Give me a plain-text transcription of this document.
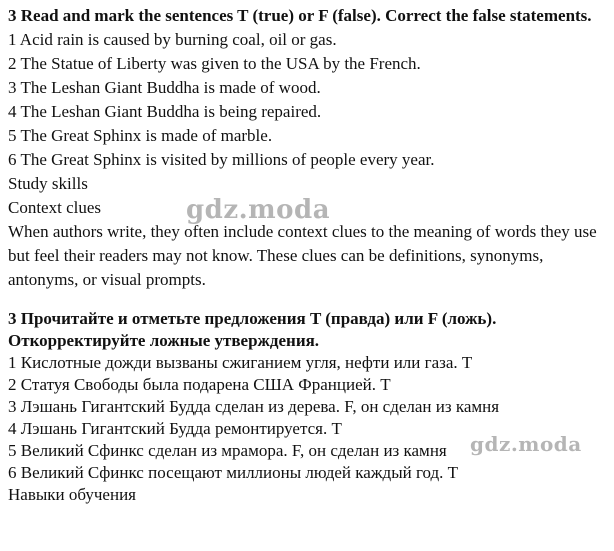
3 Read and mark the sentences T (true) or F (false). Correct the false statements.

1 Acid rain is caused by burning coal, oil or gas.

2 The Statue of Liberty was given to the USA by the French.

3 The Leshan Giant Buddha is made of wood.

4 The Leshan Giant Buddha is being repaired.

5 The Great Sphinx is made of marble.

6 The Great Sphinx is visited by millions of people every year.

Study skills

Context clues

When authors write, they often include context clues to the meaning of words they use but feel their readers may not know. These clues can be definitions, synonyms, antonyms, or visual prompts.

3 Прочитайте и отметьте предложения T (правда) или F (ложь).

Откорректируйте ложные утверждения.

1 Кислотные дожди вызваны сжиганием угля, нефти или газа. T

2 Статуя Свободы была подарена США Францией. T

3 Лэшань Гигантский Будда сделан из дерева. F, он сделан из камня

4 Лэшань Гигантский Будда ремонтируется. T

5 Великий Сфинкс сделан из мрамора. F, он сделан из камня

6 Великий Сфинкс посещают миллионы людей каждый год. T

Навыки обучения

gdz.moda
gdz.moda
